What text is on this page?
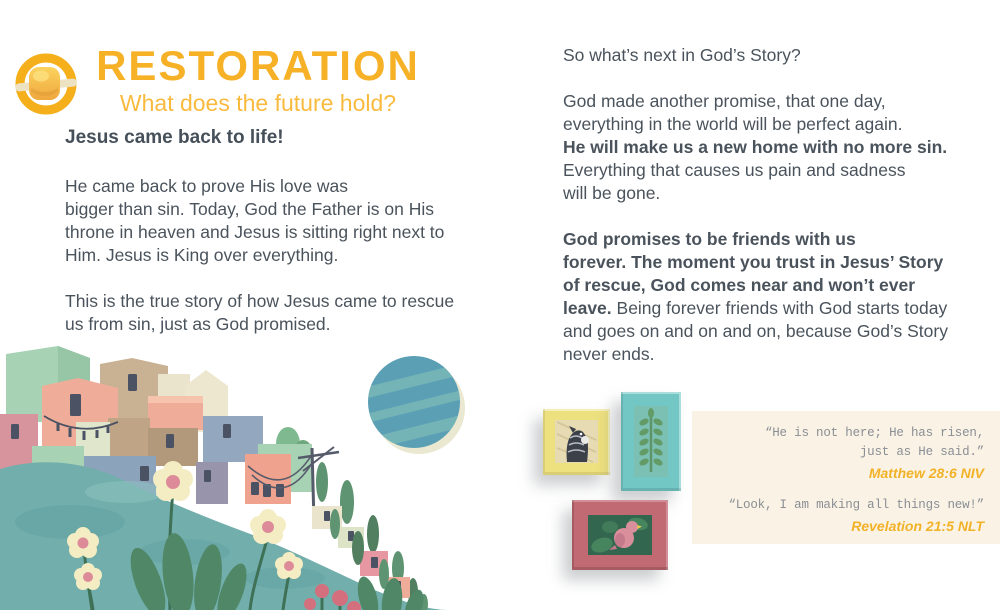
RESTORATION
What does the future hold?
Jesus came back to life!

He came back to prove His love was
bigger than sin. Today, God the Father is on His
throne in heaven and Jesus is sitting right next to
Him. Jesus is King over everything.

This is the true story of how Jesus came to rescue
us from sin, just as God promised.

So what’s next in God’s Story?

God made another promise, that one day,
everything in the world will be perfect again.
He will make us a new home with no more sin.
Everything that causes us pain and sadness
will be gone.

God promises to be friends with us
forever. The moment you trust in Jesus’ Story
of rescue, God comes near and won’t ever
leave. Being forever friends with God starts today
and goes on and on and on, because God’s Story
never ends.

“He is not here; He has risen,
just as He said.”
Matthew 28:6 NIV
“Look, I am making all things new!”
Revelation 21:5 NLT
